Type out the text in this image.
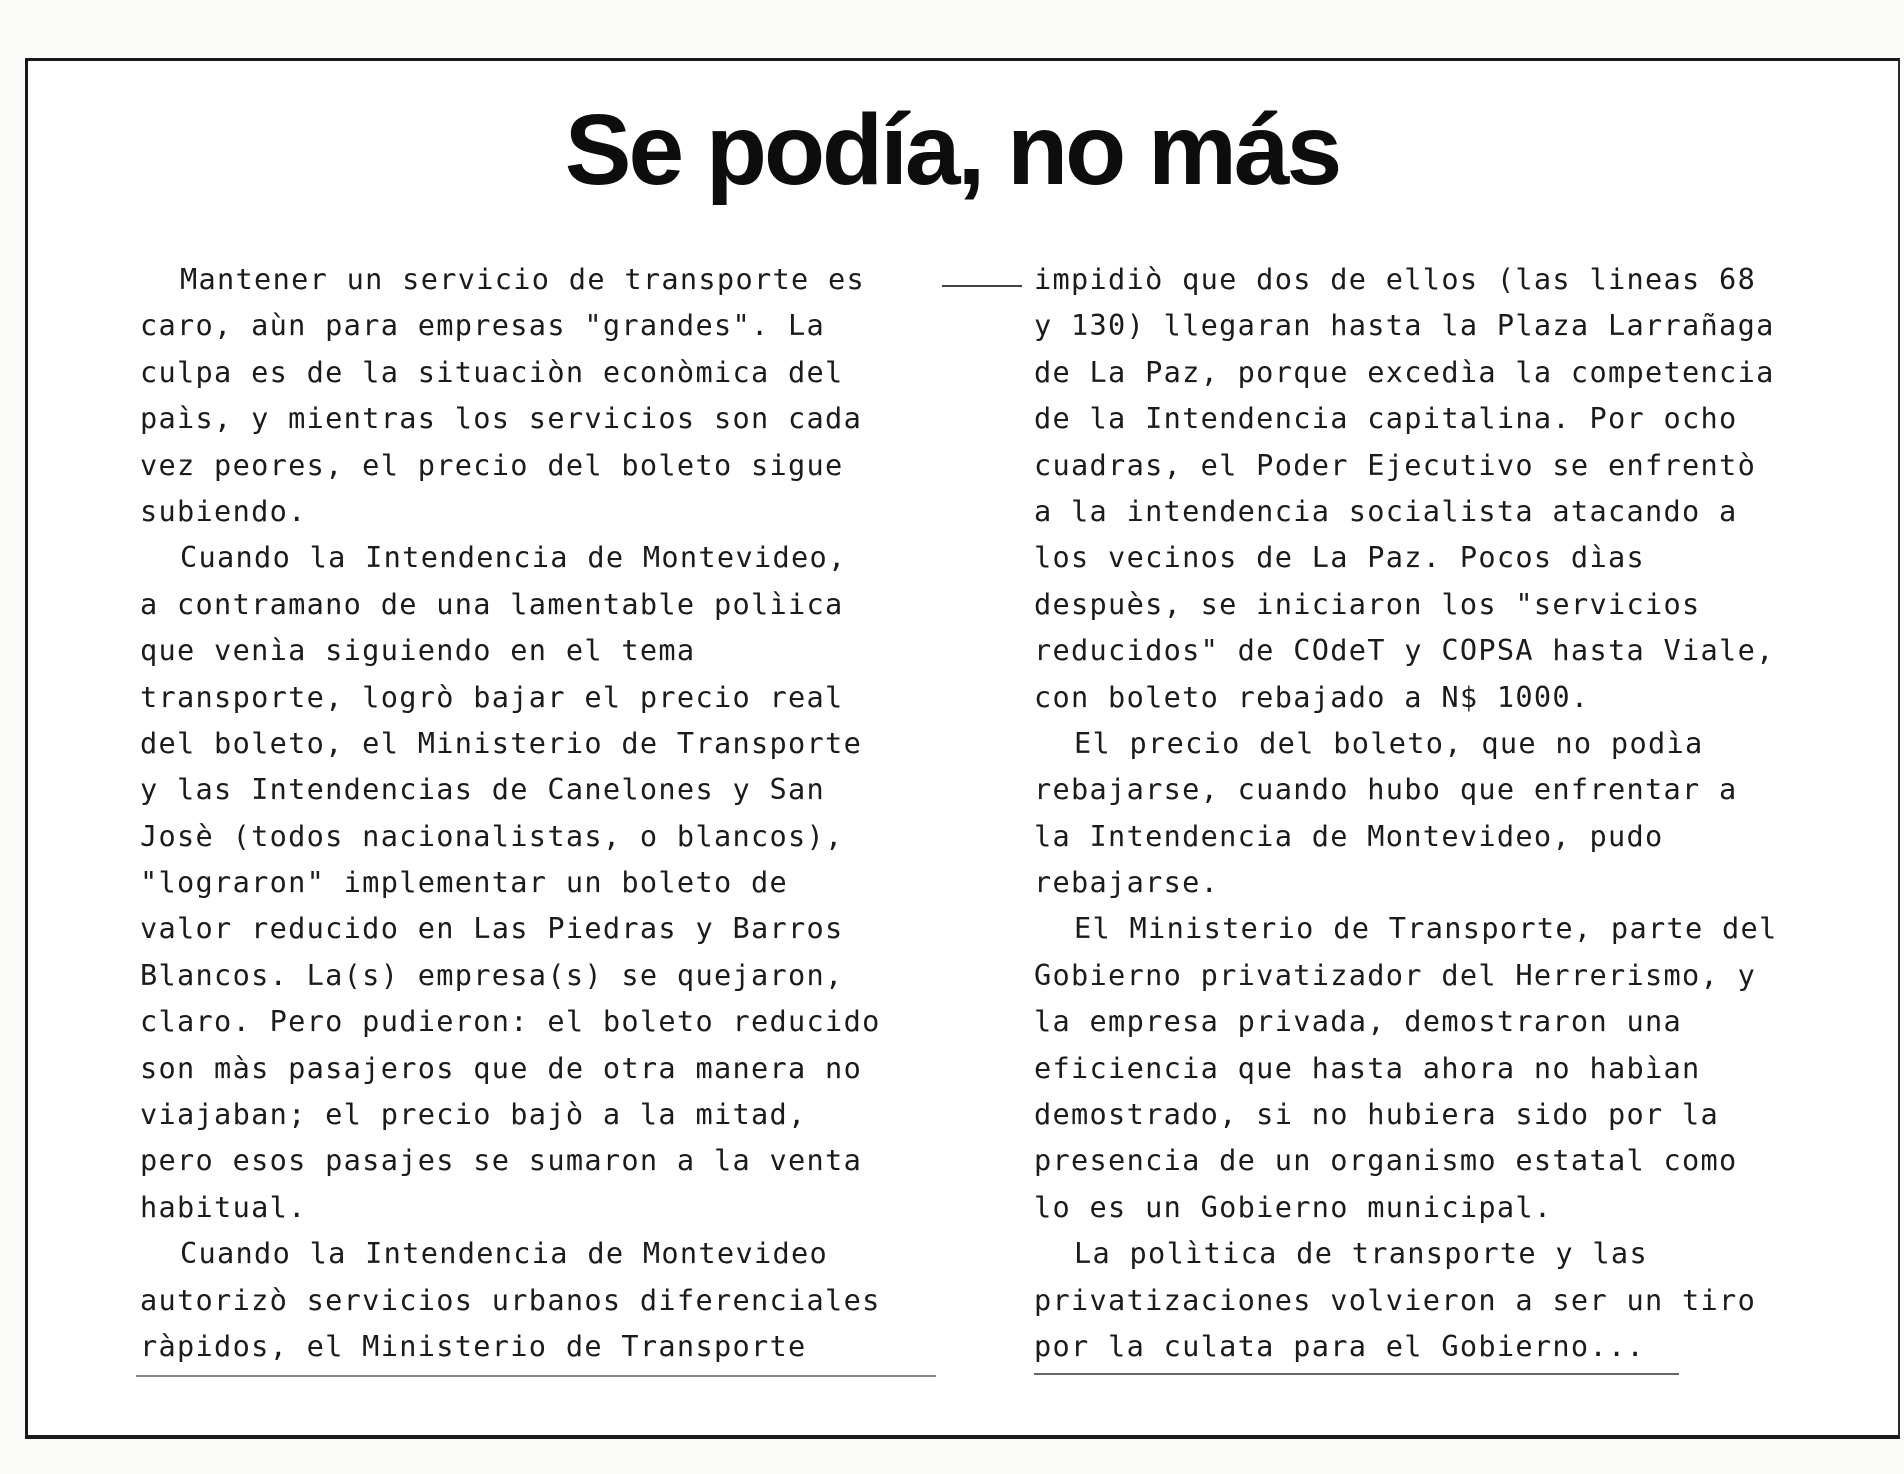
Se podía, no más
Mantener un servicio de transporte es
caro, aùn para empresas "grandes". La
culpa es de la situaciòn econòmica del
paìs, y mientras los servicios son cada
vez peores, el precio del boleto sigue
subiendo.
Cuando la Intendencia de Montevideo,
a contramano de una lamentable polìica
que venìa siguiendo en el tema
transporte, logrò bajar el precio real
del boleto, el Ministerio de Transporte
y las Intendencias de Canelones y San
Josè (todos nacionalistas, o blancos),
"lograron" implementar un boleto de
valor reducido en Las Piedras y Barros
Blancos. La(s) empresa(s) se quejaron,
claro. Pero pudieron: el boleto reducido
son màs pasajeros que de otra manera no
viajaban; el precio bajò a la mitad,
pero esos pasajes se sumaron a la venta
habitual.
Cuando la Intendencia de Montevideo
autorizò servicios urbanos diferenciales
ràpidos, el Ministerio de Transporte
impidiò que dos de ellos (las lineas 68
y 130) llegaran hasta la Plaza Larrañaga
de La Paz, porque excedìa la competencia
de la Intendencia capitalina. Por ocho
cuadras, el Poder Ejecutivo se enfrentò
a la intendencia socialista atacando a
los vecinos de La Paz. Pocos dìas
despuès, se iniciaron los "servicios
reducidos" de COdeT y COPSA hasta Viale,
con boleto rebajado a N$ 1000.
El precio del boleto, que no podìa
rebajarse, cuando hubo que enfrentar a
la Intendencia de Montevideo, pudo
rebajarse.
El Ministerio de Transporte, parte del
Gobierno privatizador del Herrerismo, y
la empresa privada, demostraron una
eficiencia que hasta ahora no habìan
demostrado, si no hubiera sido por la
presencia de un organismo estatal como
lo es un Gobierno municipal.
La polìtica de transporte y las
privatizaciones volvieron a ser un tiro
por la culata para el Gobierno...
